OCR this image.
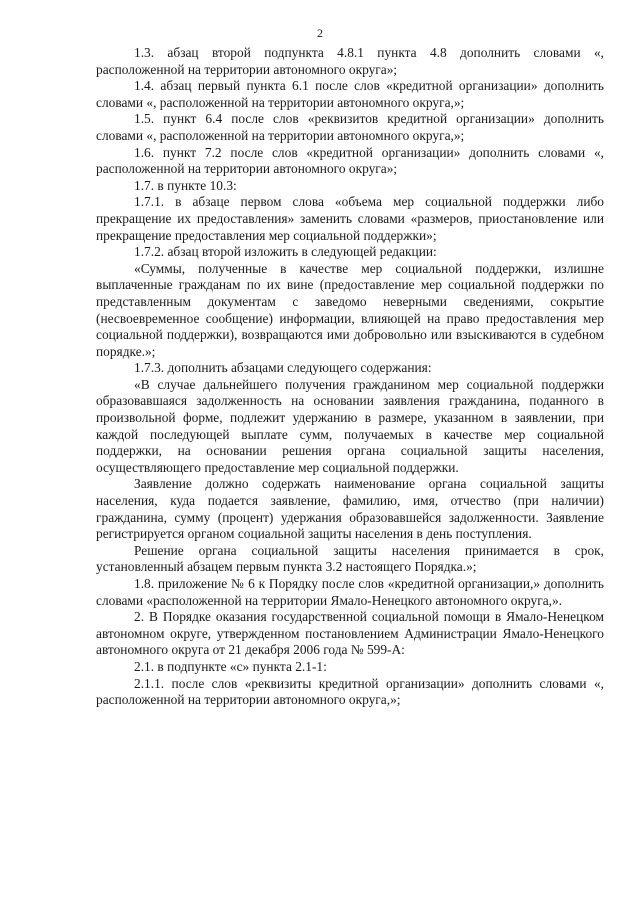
2

1.3. абзац второй подпункта 4.8.1 пункта 4.8 дополнить словами «, расположенной на территории автономного округа»;

1.4. абзац первый пункта 6.1 после слов «кредитной организации» дополнить словами «, расположенной на территории автономного округа,»;

1.5. пункт 6.4 после слов «реквизитов кредитной организации» дополнить словами «, расположенной на территории автономного округа,»;

1.6. пункт 7.2 после слов «кредитной организации» дополнить словами «, расположенной на территории автономного округа»;

1.7. в пункте 10.3:

1.7.1. в абзаце первом слова «объема мер социальной поддержки либо прекращение их предоставления» заменить словами «размеров, приостановление или прекращение предоставления мер социальной поддержки»;

1.7.2. абзац второй изложить в следующей редакции:

«Суммы, полученные в качестве мер социальной поддержки, излишне выплаченные гражданам по их вине (предоставление мер социальной поддержки по представленным документам с заведомо неверными сведениями, сокрытие (несвоевременное сообщение) информации, влияющей на право предоставления мер социальной поддержки), возвращаются ими добровольно или взыскиваются в судебном порядке.»;

1.7.3. дополнить абзацами следующего содержания:

«В случае дальнейшего получения гражданином мер социальной поддержки образовавшаяся задолженность на основании заявления гражданина, поданного в произвольной форме, подлежит удержанию в размере, указанном в заявлении, при каждой последующей выплате сумм, получаемых в качестве мер социальной поддержки, на основании решения органа социальной защиты населения, осуществляющего предоставление мер социальной поддержки.

Заявление должно содержать наименование органа социальной защиты населения, куда подается заявление, фамилию, имя, отчество (при наличии) гражданина, сумму (процент) удержания образовавшейся задолженности. Заявление регистрируется органом социальной защиты населения в день поступления.

Решение органа социальной защиты населения принимается в срок, установленный абзацем первым пункта 3.2 настоящего Порядка.»;

1.8. приложение № 6 к Порядку после слов «кредитной организации,» дополнить словами «расположенной на территории Ямало-Ненецкого автономного округа,».

2. В Порядке оказания государственной социальной помощи в Ямало-Ненецком автономном округе, утвержденном постановлением Администрации Ямало-Ненецкого автономного округа от 21 декабря 2006 года № 599-А:

2.1. в подпункте «с» пункта 2.1-1:

2.1.1. после слов «реквизиты кредитной организации» дополнить словами «, расположенной на территории автономного округа,»;
